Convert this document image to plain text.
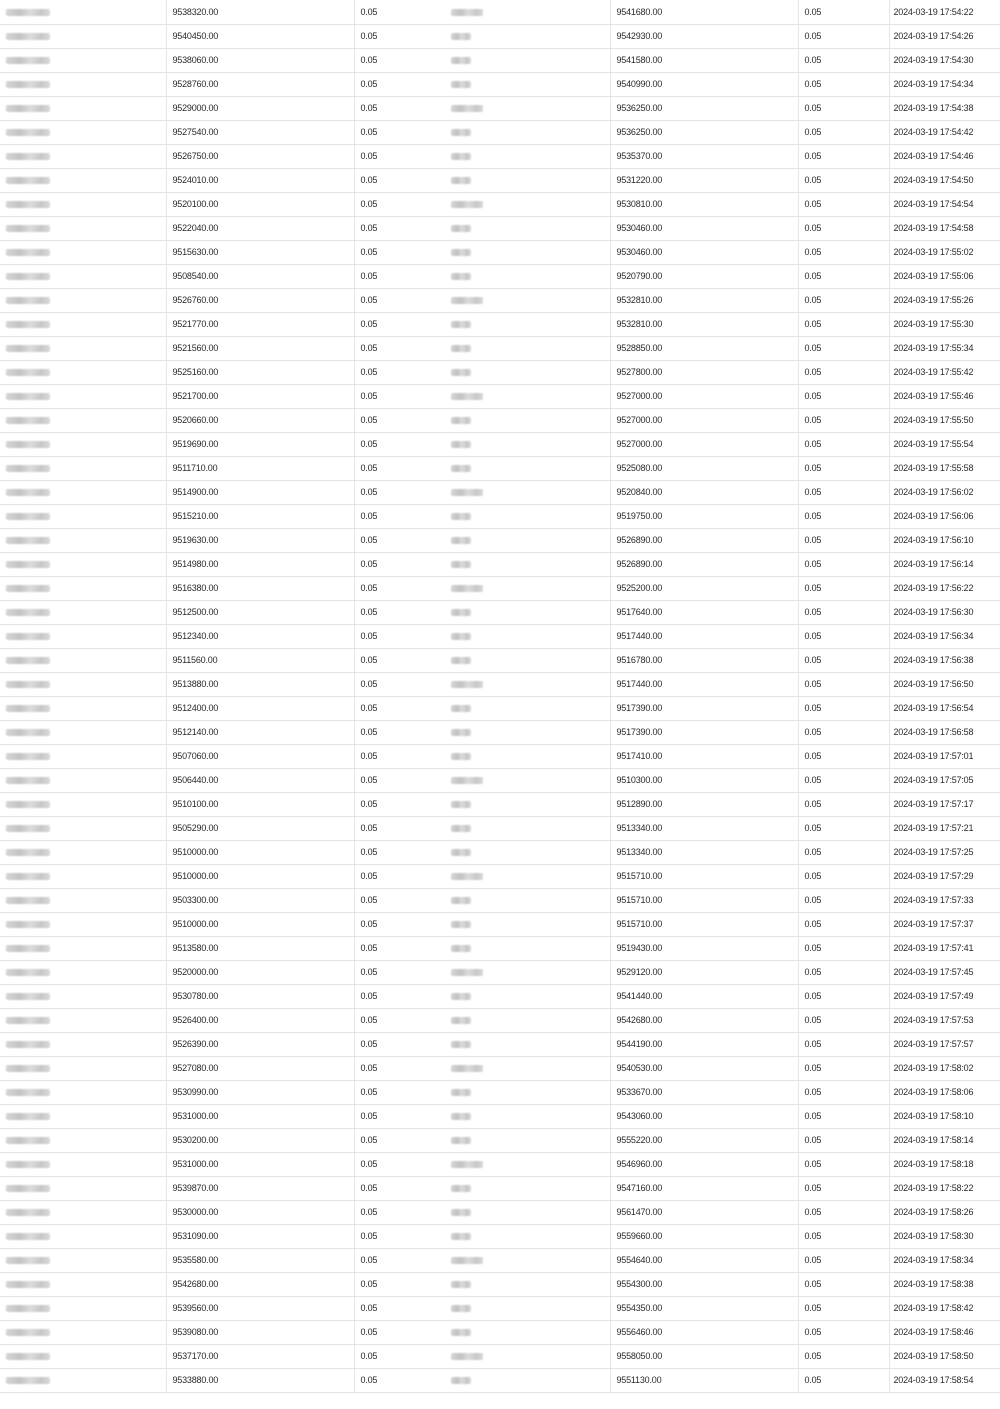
	9538320.00	0.05		9541680.00	0.05	2024-03-19 17:54:22
	9540450.00	0.05		9542930.00	0.05	2024-03-19 17:54:26
	9538060.00	0.05		9541580.00	0.05	2024-03-19 17:54:30
	9528760.00	0.05		9540990.00	0.05	2024-03-19 17:54:34
	9529000.00	0.05		9536250.00	0.05	2024-03-19 17:54:38
	9527540.00	0.05		9536250.00	0.05	2024-03-19 17:54:42
	9526750.00	0.05		9535370.00	0.05	2024-03-19 17:54:46
	9524010.00	0.05		9531220.00	0.05	2024-03-19 17:54:50
	9520100.00	0.05		9530810.00	0.05	2024-03-19 17:54:54
	9522040.00	0.05		9530460.00	0.05	2024-03-19 17:54:58
	9515630.00	0.05		9530460.00	0.05	2024-03-19 17:55:02
	9508540.00	0.05		9520790.00	0.05	2024-03-19 17:55:06
	9526760.00	0.05		9532810.00	0.05	2024-03-19 17:55:26
	9521770.00	0.05		9532810.00	0.05	2024-03-19 17:55:30
	9521560.00	0.05		9528850.00	0.05	2024-03-19 17:55:34
	9525160.00	0.05		9527800.00	0.05	2024-03-19 17:55:42
	9521700.00	0.05		9527000.00	0.05	2024-03-19 17:55:46
	9520660.00	0.05		9527000.00	0.05	2024-03-19 17:55:50
	9519690.00	0.05		9527000.00	0.05	2024-03-19 17:55:54
	9511710.00	0.05		9525080.00	0.05	2024-03-19 17:55:58
	9514900.00	0.05		9520840.00	0.05	2024-03-19 17:56:02
	9515210.00	0.05		9519750.00	0.05	2024-03-19 17:56:06
	9519630.00	0.05		9526890.00	0.05	2024-03-19 17:56:10
	9514980.00	0.05		9526890.00	0.05	2024-03-19 17:56:14
	9516380.00	0.05		9525200.00	0.05	2024-03-19 17:56:22
	9512500.00	0.05		9517640.00	0.05	2024-03-19 17:56:30
	9512340.00	0.05		9517440.00	0.05	2024-03-19 17:56:34
	9511560.00	0.05		9516780.00	0.05	2024-03-19 17:56:38
	9513880.00	0.05		9517440.00	0.05	2024-03-19 17:56:50
	9512400.00	0.05		9517390.00	0.05	2024-03-19 17:56:54
	9512140.00	0.05		9517390.00	0.05	2024-03-19 17:56:58
	9507060.00	0.05		9517410.00	0.05	2024-03-19 17:57:01
	9506440.00	0.05		9510300.00	0.05	2024-03-19 17:57:05
	9510100.00	0.05		9512890.00	0.05	2024-03-19 17:57:17
	9505290.00	0.05		9513340.00	0.05	2024-03-19 17:57:21
	9510000.00	0.05		9513340.00	0.05	2024-03-19 17:57:25
	9510000.00	0.05		9515710.00	0.05	2024-03-19 17:57:29
	9503300.00	0.05		9515710.00	0.05	2024-03-19 17:57:33
	9510000.00	0.05		9515710.00	0.05	2024-03-19 17:57:37
	9513580.00	0.05		9519430.00	0.05	2024-03-19 17:57:41
	9520000.00	0.05		9529120.00	0.05	2024-03-19 17:57:45
	9530780.00	0.05		9541440.00	0.05	2024-03-19 17:57:49
	9526400.00	0.05		9542680.00	0.05	2024-03-19 17:57:53
	9526390.00	0.05		9544190.00	0.05	2024-03-19 17:57:57
	9527080.00	0.05		9540530.00	0.05	2024-03-19 17:58:02
	9530990.00	0.05		9533670.00	0.05	2024-03-19 17:58:06
	9531000.00	0.05		9543060.00	0.05	2024-03-19 17:58:10
	9530200.00	0.05		9555220.00	0.05	2024-03-19 17:58:14
	9531000.00	0.05		9546960.00	0.05	2024-03-19 17:58:18
	9539870.00	0.05		9547160.00	0.05	2024-03-19 17:58:22
	9530000.00	0.05		9561470.00	0.05	2024-03-19 17:58:26
	9531090.00	0.05		9559660.00	0.05	2024-03-19 17:58:30
	9535580.00	0.05		9554640.00	0.05	2024-03-19 17:58:34
	9542680.00	0.05		9554300.00	0.05	2024-03-19 17:58:38
	9539560.00	0.05		9554350.00	0.05	2024-03-19 17:58:42
	9539080.00	0.05		9556460.00	0.05	2024-03-19 17:58:46
	9537170.00	0.05		9558050.00	0.05	2024-03-19 17:58:50
	9533880.00	0.05		9551130.00	0.05	2024-03-19 17:58:54
